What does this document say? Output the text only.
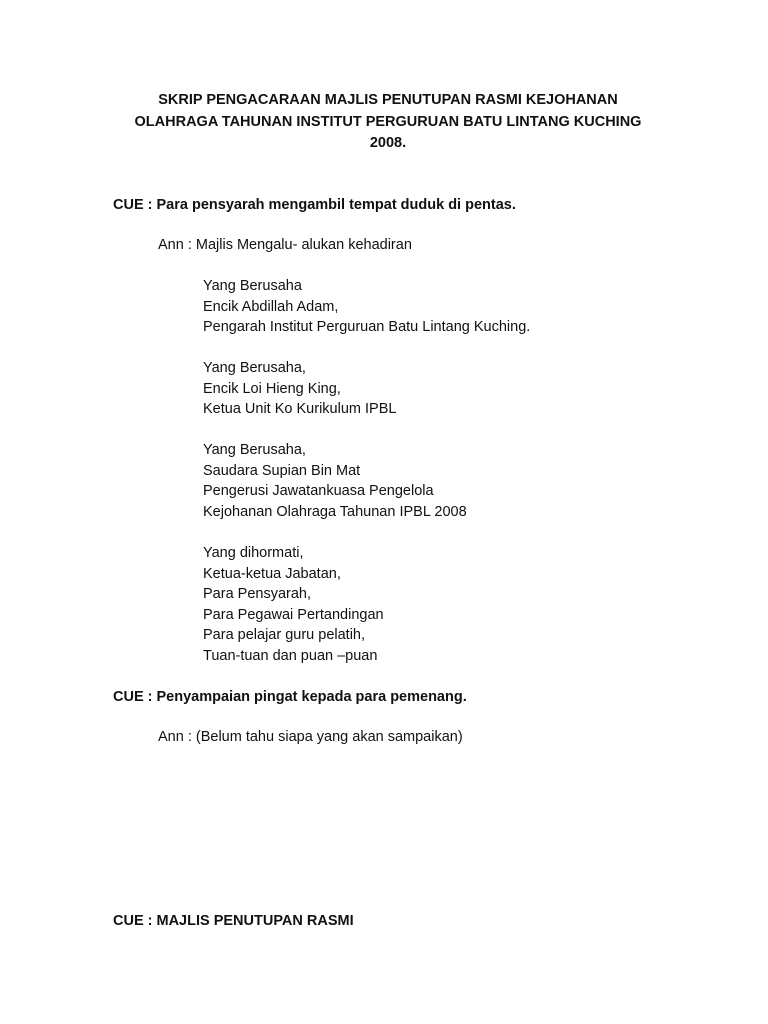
SKRIP PENGACARAAN MAJLIS PENUTUPAN RASMI KEJOHANAN
OLAHRAGA TAHUNAN INSTITUT PERGURUAN BATU LINTANG KUCHING
2008.
CUE : Para pensyarah mengambil tempat duduk di pentas.
Ann : Majlis Mengalu- alukan kehadiran
Yang Berusaha
Encik Abdillah Adam,
Pengarah Institut Perguruan Batu Lintang Kuching.
Yang Berusaha,
Encik Loi Hieng King,
Ketua Unit Ko Kurikulum IPBL
Yang Berusaha,
Saudara Supian Bin Mat
Pengerusi Jawatankuasa Pengelola
Kejohanan Olahraga Tahunan IPBL 2008
Yang dihormati,
Ketua-ketua Jabatan,
Para Pensyarah,
Para Pegawai Pertandingan
Para pelajar guru pelatih,
Tuan-tuan dan puan –puan
CUE : Penyampaian pingat kepada para pemenang.
Ann : (Belum tahu siapa yang akan sampaikan)
CUE : MAJLIS PENUTUPAN RASMI
